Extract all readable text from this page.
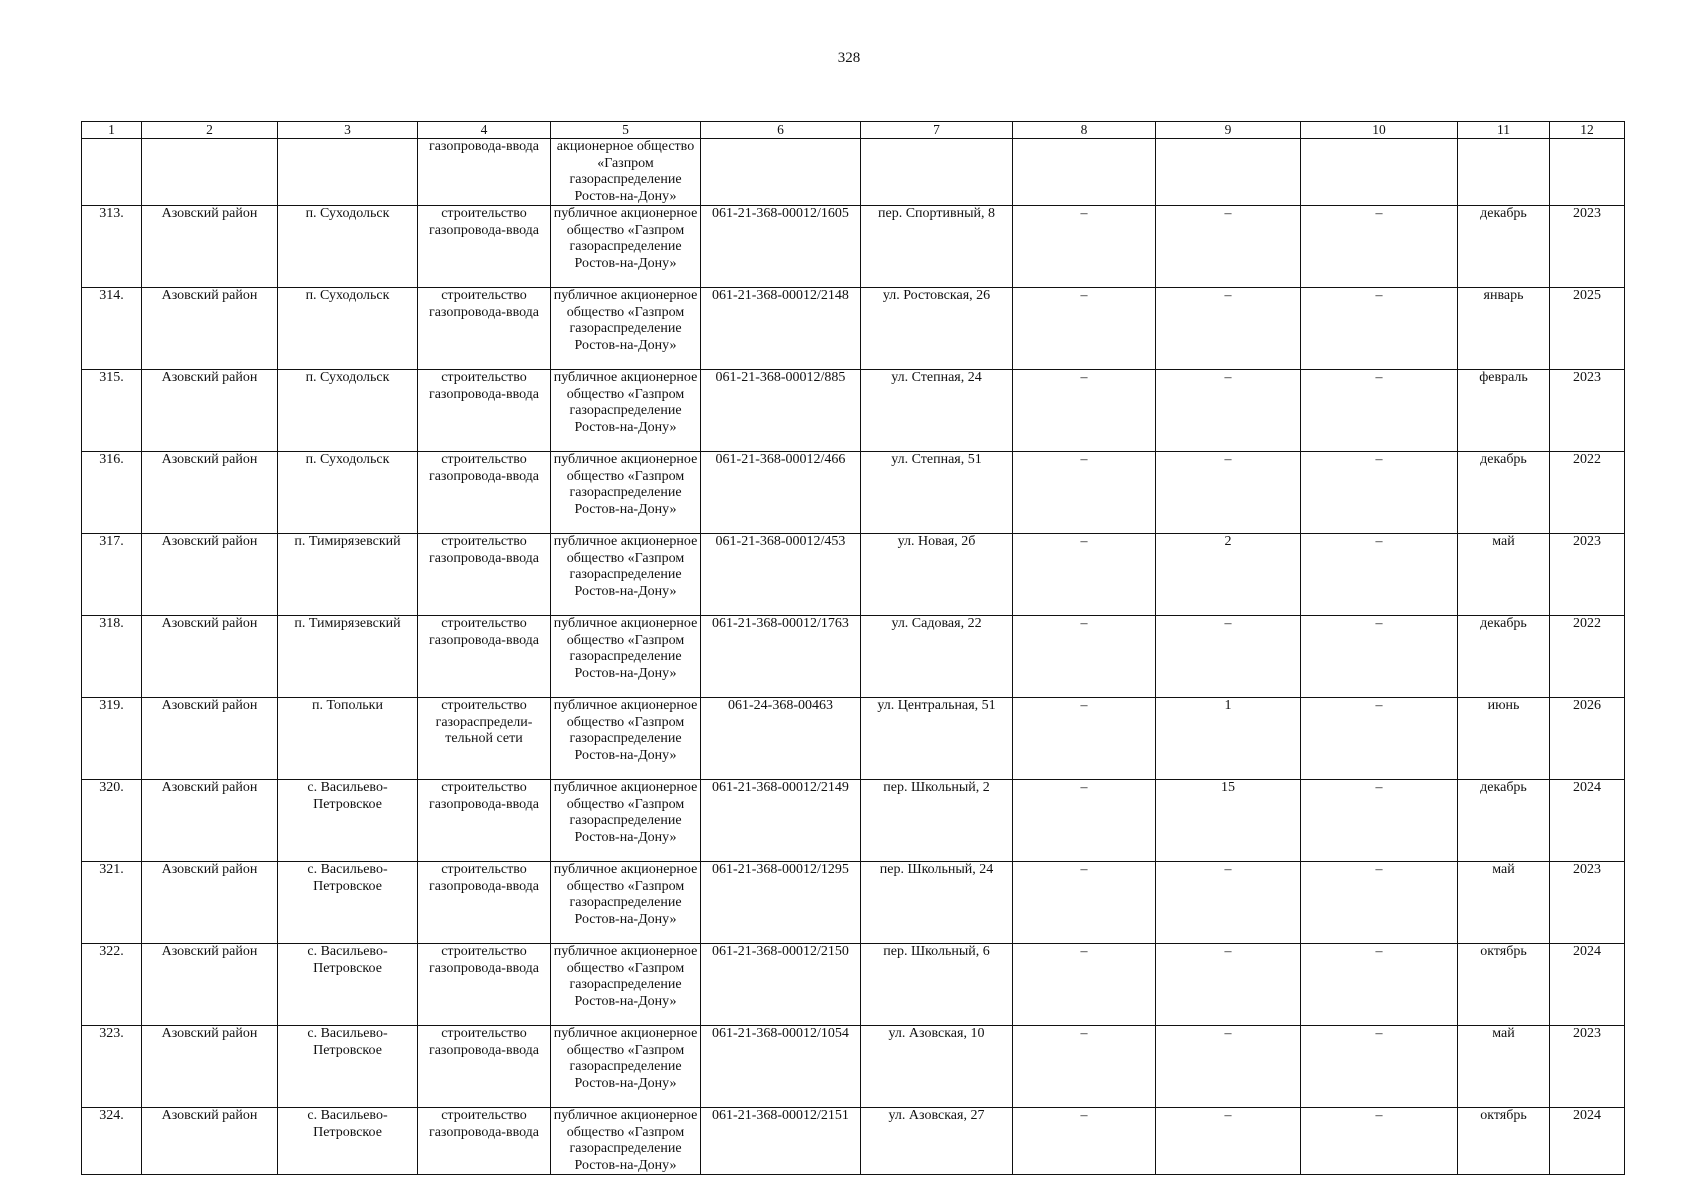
328
1	2	3	4	5	6	7	8	9	10	11	12
			газопровода-ввода	акционерное общество «Газпром газораспределение Ростов-на-Дону»							
313.	Азовский район	п. Суходольск	строительство газопровода-ввода	публичное акционерное общество «Газпром газораспределение Ростов-на-Дону»	061-21-368-00012/1605	пер. Спортивный, 8	–	–	–	декабрь	2023
314.	Азовский район	п. Суходольск	строительство газопровода-ввода	публичное акционерное общество «Газпром газораспределение Ростов-на-Дону»	061-21-368-00012/2148	ул. Ростовская, 26	–	–	–	январь	2025
315.	Азовский район	п. Суходольск	строительство газопровода-ввода	публичное акционерное общество «Газпром газораспределение Ростов-на-Дону»	061-21-368-00012/885	ул. Степная, 24	–	–	–	февраль	2023
316.	Азовский район	п. Суходольск	строительство газопровода-ввода	публичное акционерное общество «Газпром газораспределение Ростов-на-Дону»	061-21-368-00012/466	ул. Степная, 51	–	–	–	декабрь	2022
317.	Азовский район	п. Тимирязевский	строительство газопровода-ввода	публичное акционерное общество «Газпром газораспределение Ростов-на-Дону»	061-21-368-00012/453	ул. Новая, 2б	–	2	–	май	2023
318.	Азовский район	п. Тимирязевский	строительство газопровода-ввода	публичное акционерное общество «Газпром газораспределение Ростов-на-Дону»	061-21-368-00012/1763	ул. Садовая, 22	–	–	–	декабрь	2022
319.	Азовский район	п. Топольки	строительство газораспредели-тельной сети	публичное акционерное общество «Газпром газораспределение Ростов-на-Дону»	061-24-368-00463	ул. Центральная, 51	–	1	–	июнь	2026
320.	Азовский район	с. Васильево-Петровское	строительство газопровода-ввода	публичное акционерное общество «Газпром газораспределение Ростов-на-Дону»	061-21-368-00012/2149	пер. Школьный, 2	–	15	–	декабрь	2024
321.	Азовский район	с. Васильево-Петровское	строительство газопровода-ввода	публичное акционерное общество «Газпром газораспределение Ростов-на-Дону»	061-21-368-00012/1295	пер. Школьный, 24	–	–	–	май	2023
322.	Азовский район	с. Васильево-Петровское	строительство газопровода-ввода	публичное акционерное общество «Газпром газораспределение Ростов-на-Дону»	061-21-368-00012/2150	пер. Школьный, 6	–	–	–	октябрь	2024
323.	Азовский район	с. Васильево-Петровское	строительство газопровода-ввода	публичное акционерное общество «Газпром газораспределение Ростов-на-Дону»	061-21-368-00012/1054	ул. Азовская, 10	–	–	–	май	2023
324.	Азовский район	с. Васильево-Петровское	строительство газопровода-ввода	публичное акционерное общество «Газпром газораспределение Ростов-на-Дону»	061-21-368-00012/2151	ул. Азовская, 27	–	–	–	октябрь	2024
